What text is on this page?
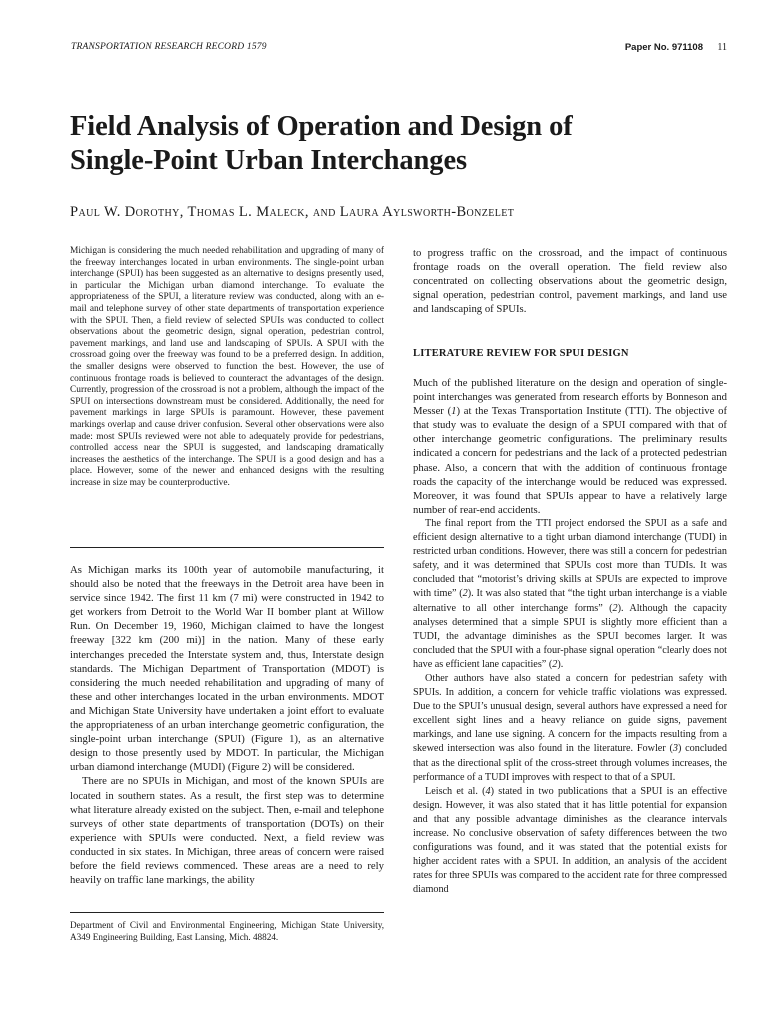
TRANSPORTATION RESEARCH RECORD 1579	Paper No. 971108 11
Field Analysis of Operation and Design of
Single-Point Urban Interchanges
Paul W. Dorothy, Thomas L. Maleck, and Laura Aylsworth-Bonzelet
Michigan is considering the much needed rehabilitation and upgrading of many of the freeway interchanges located in urban environments. The single-point urban interchange (SPUI) has been suggested as an alternative to designs presently used, in particular the Michigan urban diamond interchange. To evaluate the appropriateness of the SPUI, a literature review was conducted, along with an e-mail and telephone survey of other state departments of transportation experience with the SPUI. Then, a field review of selected SPUIs was conducted to collect observations about the geometric design, signal operation, pedestrian control, pavement markings, and land use and landscaping of SPUIs. A SPUI with the crossroad going over the freeway was found to be a preferred design. In addition, the smaller designs were observed to function the best. However, the use of continuous frontage roads is believed to counteract the advantages of the design. Currently, progression of the crossroad is not a problem, although the impact of the SPUI on intersections downstream must be considered. Additionally, the need for pavement markings in large SPUIs is paramount. However, these pavement markings overlap and cause driver confusion. Several other observations were also made: most SPUIs reviewed were not able to adequately provide for pedestrians, controlled access near the SPUI is suggested, and landscaping dramatically increases the aesthetics of the interchange. The SPUI is a good design and has a place. However, some of the newer and enhanced designs with the resulting increase in size may be counterproductive.

As Michigan marks its 100th year of automobile manufacturing, it should also be noted that the freeways in the Detroit area have been in service since 1942. The first 11 km (7 mi) were constructed in 1942 to get workers from Detroit to the World War II bomber plant at Willow Run. On December 19, 1960, Michigan claimed to have the longest freeway [322 km (200 mi)] in the nation. Many of these early interchanges preceded the Interstate system and, thus, Interstate design standards. The Michigan Department of Transportation (MDOT) is considering the much needed rehabilitation and upgrading of many of these and other interchanges located in the urban environments. MDOT and Michigan State University have undertaken a joint effort to evaluate the appropriateness of an urban interchange geometric configuration, the single-point urban interchange (SPUI) (Figure 1), as an alternative design to those presently used by MDOT. In particular, the Michigan urban diamond interchange (MUDI) (Figure 2) will be considered.

There are no SPUIs in Michigan, and most of the known SPUIs are located in southern states. As a result, the first step was to determine what literature already existed on the subject. Then, e-mail and telephone surveys of other state departments of transportation (DOTs) on their experience with SPUIs were conducted. Next, a field review was conducted in six states. In Michigan, three areas of concern were raised before the field reviews commenced. These areas are a need to rely heavily on traffic lane markings, the ability

Department of Civil and Environmental Engineering, Michigan State University, A349 Engineering Building, East Lansing, Mich. 48824.
to progress traffic on the crossroad, and the impact of continuous frontage roads on the overall operation. The field review also concentrated on collecting observations about the geometric design, signal operation, pedestrian control, pavement markings, and land use and landscaping of SPUIs.
LITERATURE REVIEW FOR SPUI DESIGN

Much of the published literature on the design and operation of single-point interchanges was generated from research efforts by Bonneson and Messer (1) at the Texas Transportation Institute (TTI). The objective of that study was to evaluate the design of a SPUI compared with that of other interchange geometric configurations. The preliminary results indicated a concern for pedestrians and the lack of a protected pedestrian phase. Also, a concern that with the addition of continuous frontage roads the capacity of the interchange would be reduced was expressed. Moreover, it was found that SPUIs appear to have a relatively large number of rear-end accidents.

The final report from the TTI project endorsed the SPUI as a safe and efficient design alternative to a tight urban diamond interchange (TUDI) in restricted urban conditions. However, there was still a concern for pedestrian safety, and it was determined that SPUIs cost more than TUDIs. It was concluded that “motorist’s driving skills at SPUIs are expected to improve with time” (2). It was also stated that “the tight urban interchange is a viable alternative to all other interchange forms” (2). Although the capacity analyses determined that a simple SPUI is slightly more efficient than a TUDI, the advantage diminishes as the SPUI becomes larger. It was concluded that the SPUI with a four-phase signal operation “clearly does not have as efficient lane capacities” (2).

Other authors have also stated a concern for pedestrian safety with SPUIs. In addition, a concern for vehicle traffic violations was expressed. Due to the SPUI’s unusual design, several authors have expressed a need for excellent sight lines and a heavy reliance on guide signs, pavement markings, and lane use signing. A concern for the impacts resulting from a skewed intersection was also found in the literature. Fowler (3) concluded that as the directional split of the cross-street through volumes increases, the performance of a TUDI improves with respect to that of a SPUI.

Leisch et al. (4) stated in two publications that a SPUI is an effective design. However, it was also stated that it has little potential for expansion and that any possible advantage diminishes as the clearance intervals increase. No conclusive observation of safety differences between the two configurations was found, and it was stated that the potential exists for higher accident rates with a SPUI. In addition, an analysis of the accident rates for three SPUIs was compared to the accident rate for three compressed diamond
